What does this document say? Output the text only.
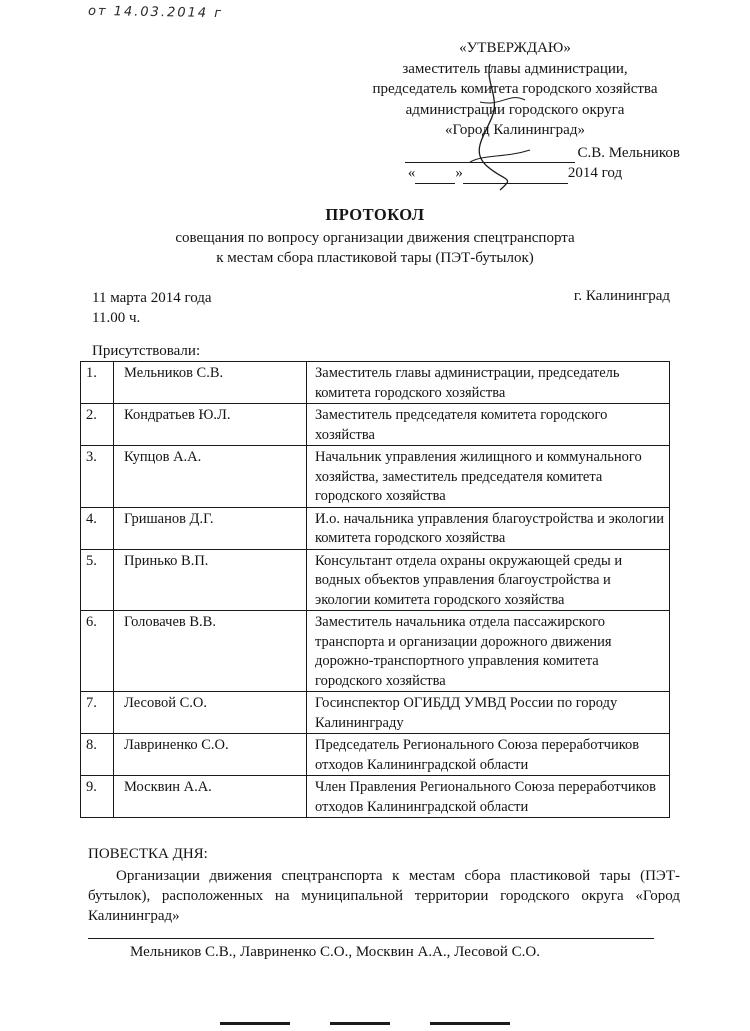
от 14.03.2014 г
«УТВЕРЖДАЮ»
заместитель главы администрации,
председатель комитета городского хозяйства
администрации городского округа
«Город Калининград»
С.В. Мельников
«	»	2014 год
ПРОТОКОЛ
совещания по вопросу организации движения спецтранспорта
к местам сбора пластиковой тары (ПЭТ-бутылок)
11 марта 2014 года
11.00 ч.
г. Калининград
Присутствовали:
1.	Мельников С.В.	Заместитель главы администрации, председатель комитета городского хозяйства
2.	Кондратьев Ю.Л.	Заместитель председателя комитета городского хозяйства
3.	Купцов А.А.	Начальник управления жилищного и коммунального хозяйства, заместитель председателя комитета городского хозяйства
4.	Гришанов Д.Г.	И.о. начальника управления благоустройства и экологии комитета городского хозяйства
5.	Принько В.П.	Консультант отдела охраны окружающей среды и водных объектов управления благоустройства и экологии комитета городского хозяйства
6.	Головачев В.В.	Заместитель начальника отдела пассажирского транспорта и организации дорожного движения дорожно-транспортного управления комитета городского хозяйства
7.	Лесовой С.О.	Госинспектор ОГИБДД УМВД России по городу Калининграду
8.	Лавриненко С.О.	Председатель Регионального Союза переработчиков отходов Калининградской области
9.	Москвин А.А.	Член Правления Регионального Союза переработчиков отходов Калининградской области
ПОВЕСТКА ДНЯ:
Организации движения спецтранспорта к местам сбора пластиковой тары (ПЭТ-бутылок), расположенных на муниципальной территории городского округа «Город Калининград»
Мельников С.В., Лавриненко С.О., Москвин А.А., Лесовой С.О.
